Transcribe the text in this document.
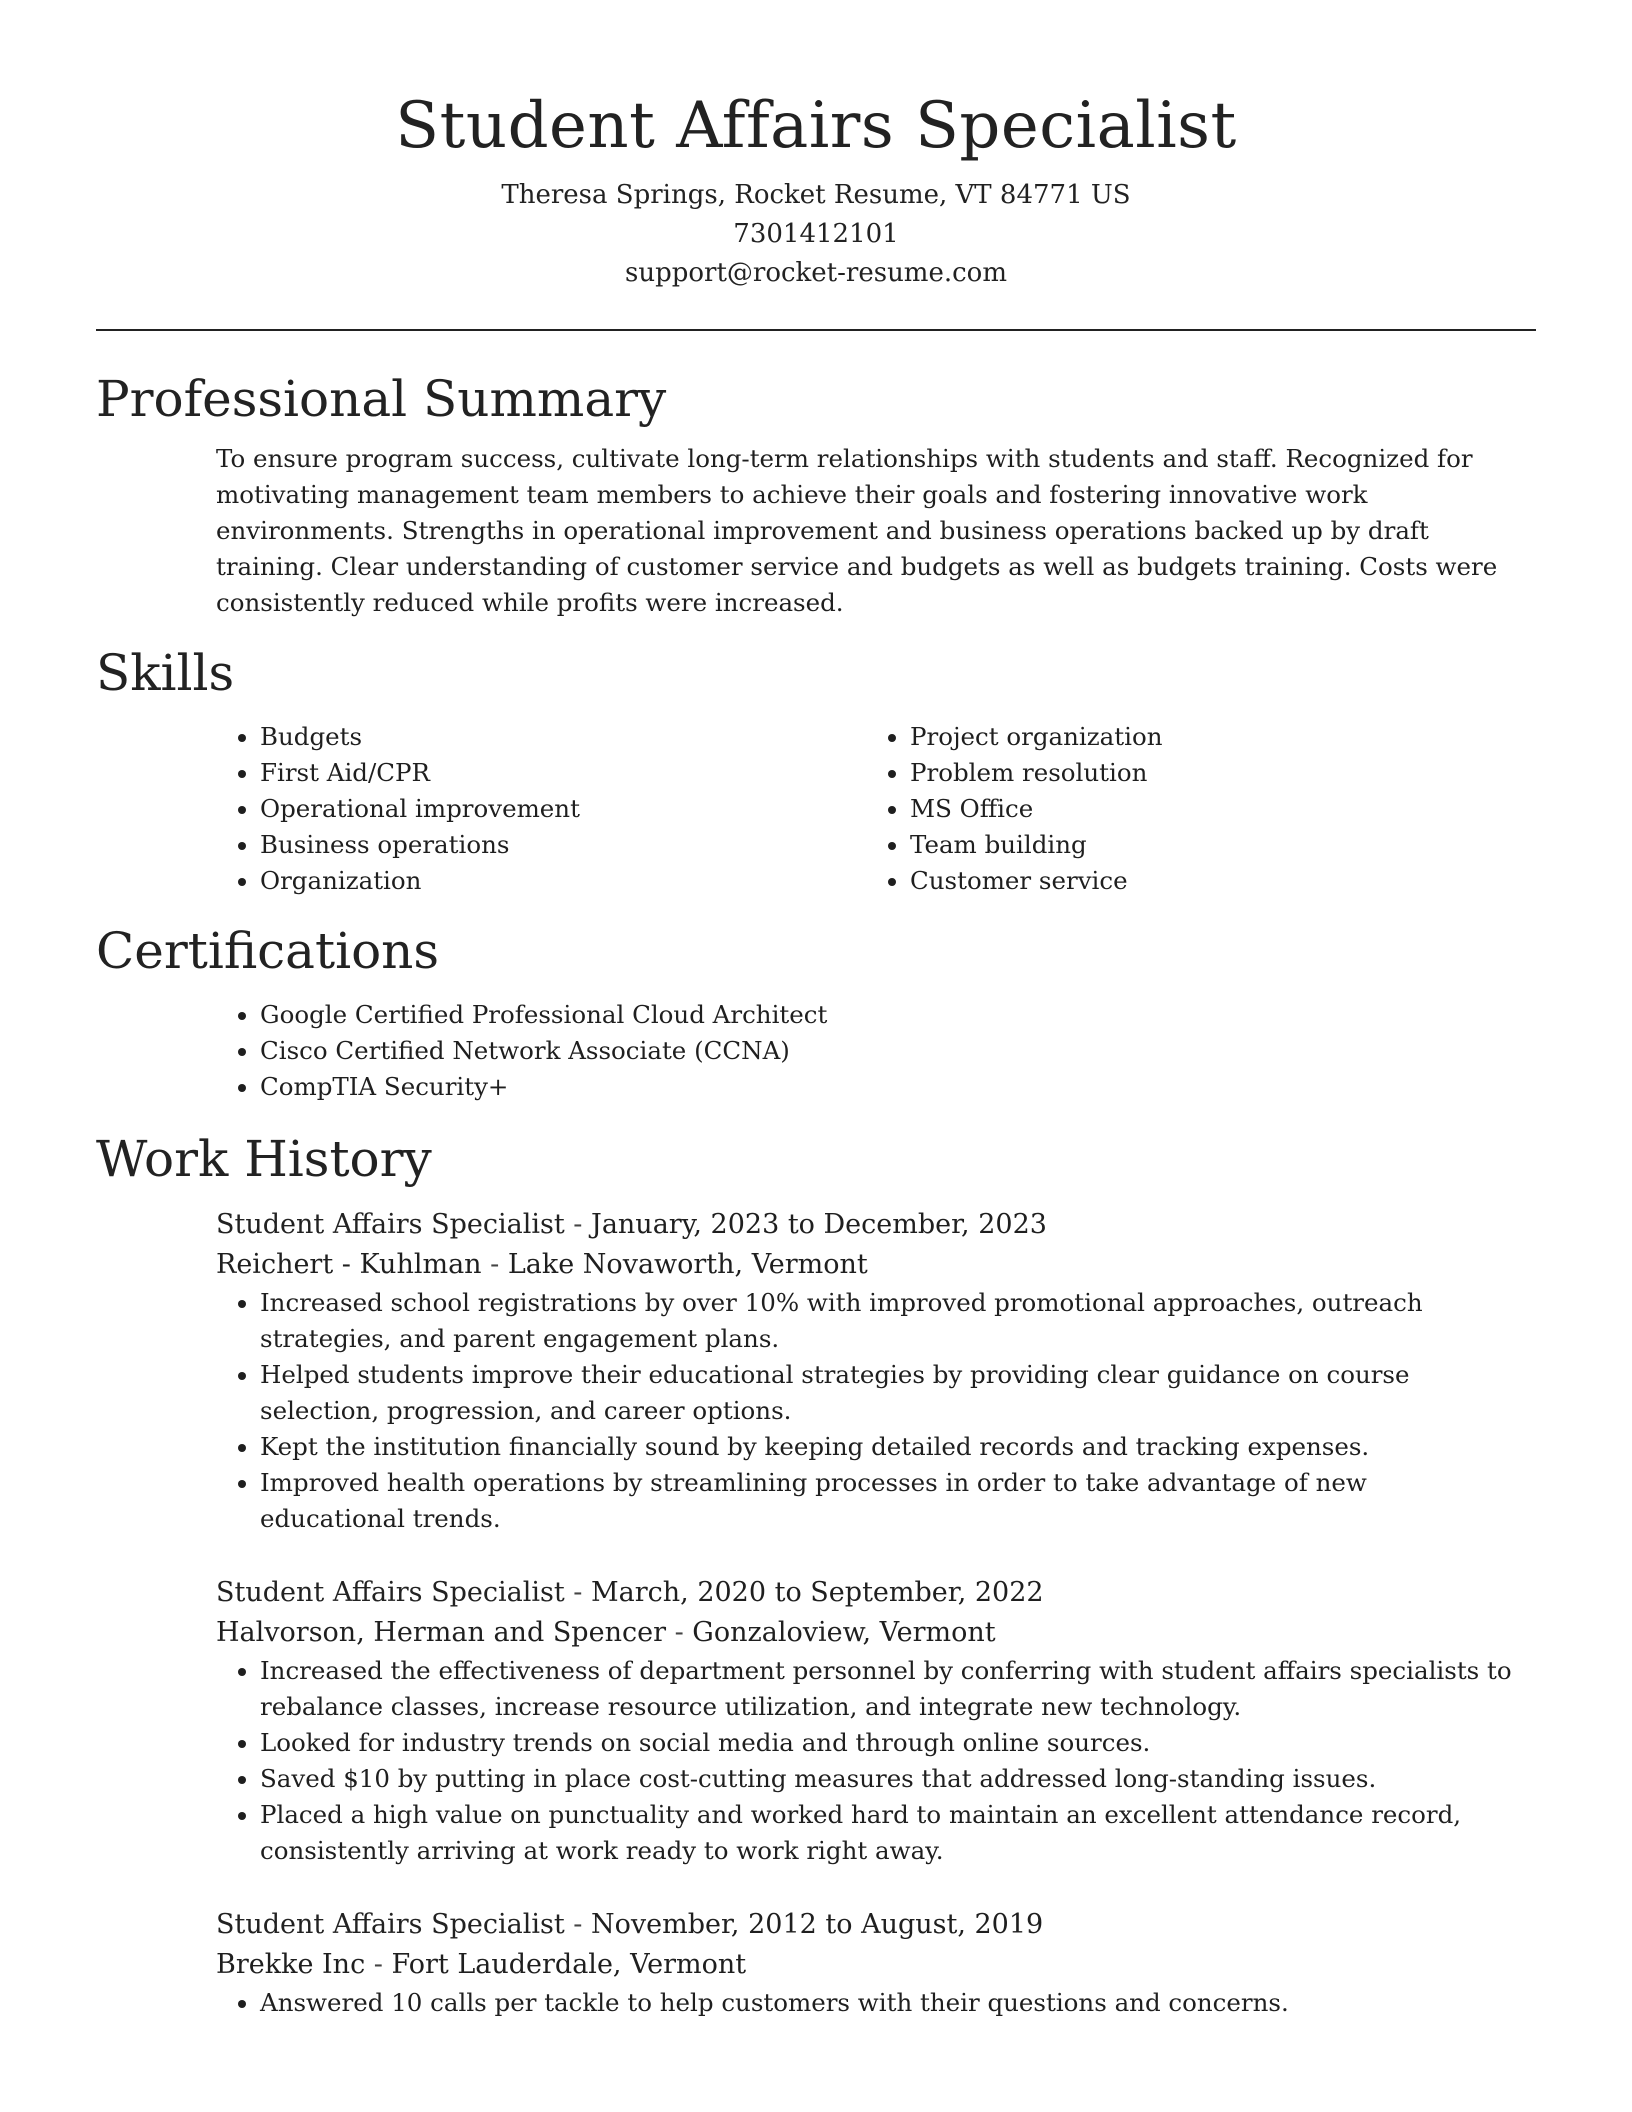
Student Affairs Specialist
Theresa Springs, Rocket Resume, VT 84771 US
7301412101
support@rocket-resume.com
Professional Summary

To ensure program success, cultivate long-term relationships with students and staff. Recognized for motivating management team members to achieve their goals and fostering innovative work environments. Strengths in operational improvement and business operations backed up by draft training. Clear understanding of customer service and budgets as well as budgets training. Costs were consistently reduced while profits were increased.

Skills
• Budgets
• First Aid/CPR
• Operational improvement
• Business operations
• Organization
• Project organization
• Problem resolution
• MS Office
• Team building
• Customer service
Certifications
• Google Certified Professional Cloud Architect
• Cisco Certified Network Associate (CCNA)
• CompTIA Security+
Work History
Student Affairs Specialist - January, 2023 to December, 2023
Reichert - Kuhlman - Lake Novaworth, Vermont
• Increased school registrations by over 10% with improved promotional approaches, outreach strategies, and parent engagement plans.
• Helped students improve their educational strategies by providing clear guidance on course selection, progression, and career options.
• Kept the institution financially sound by keeping detailed records and tracking expenses.
• Improved health operations by streamlining processes in order to take advantage of new educational trends.
Student Affairs Specialist - March, 2020 to September, 2022
Halvorson, Herman and Spencer - Gonzaloview, Vermont
• Increased the effectiveness of department personnel by conferring with student affairs specialists to rebalance classes, increase resource utilization, and integrate new technology.
• Looked for industry trends on social media and through online sources.
• Saved $10 by putting in place cost-cutting measures that addressed long-standing issues.
• Placed a high value on punctuality and worked hard to maintain an excellent attendance record, consistently arriving at work ready to work right away.
Student Affairs Specialist - November, 2012 to August, 2019
Brekke Inc - Fort Lauderdale, Vermont
• Answered 10 calls per tackle to help customers with their questions and concerns.
